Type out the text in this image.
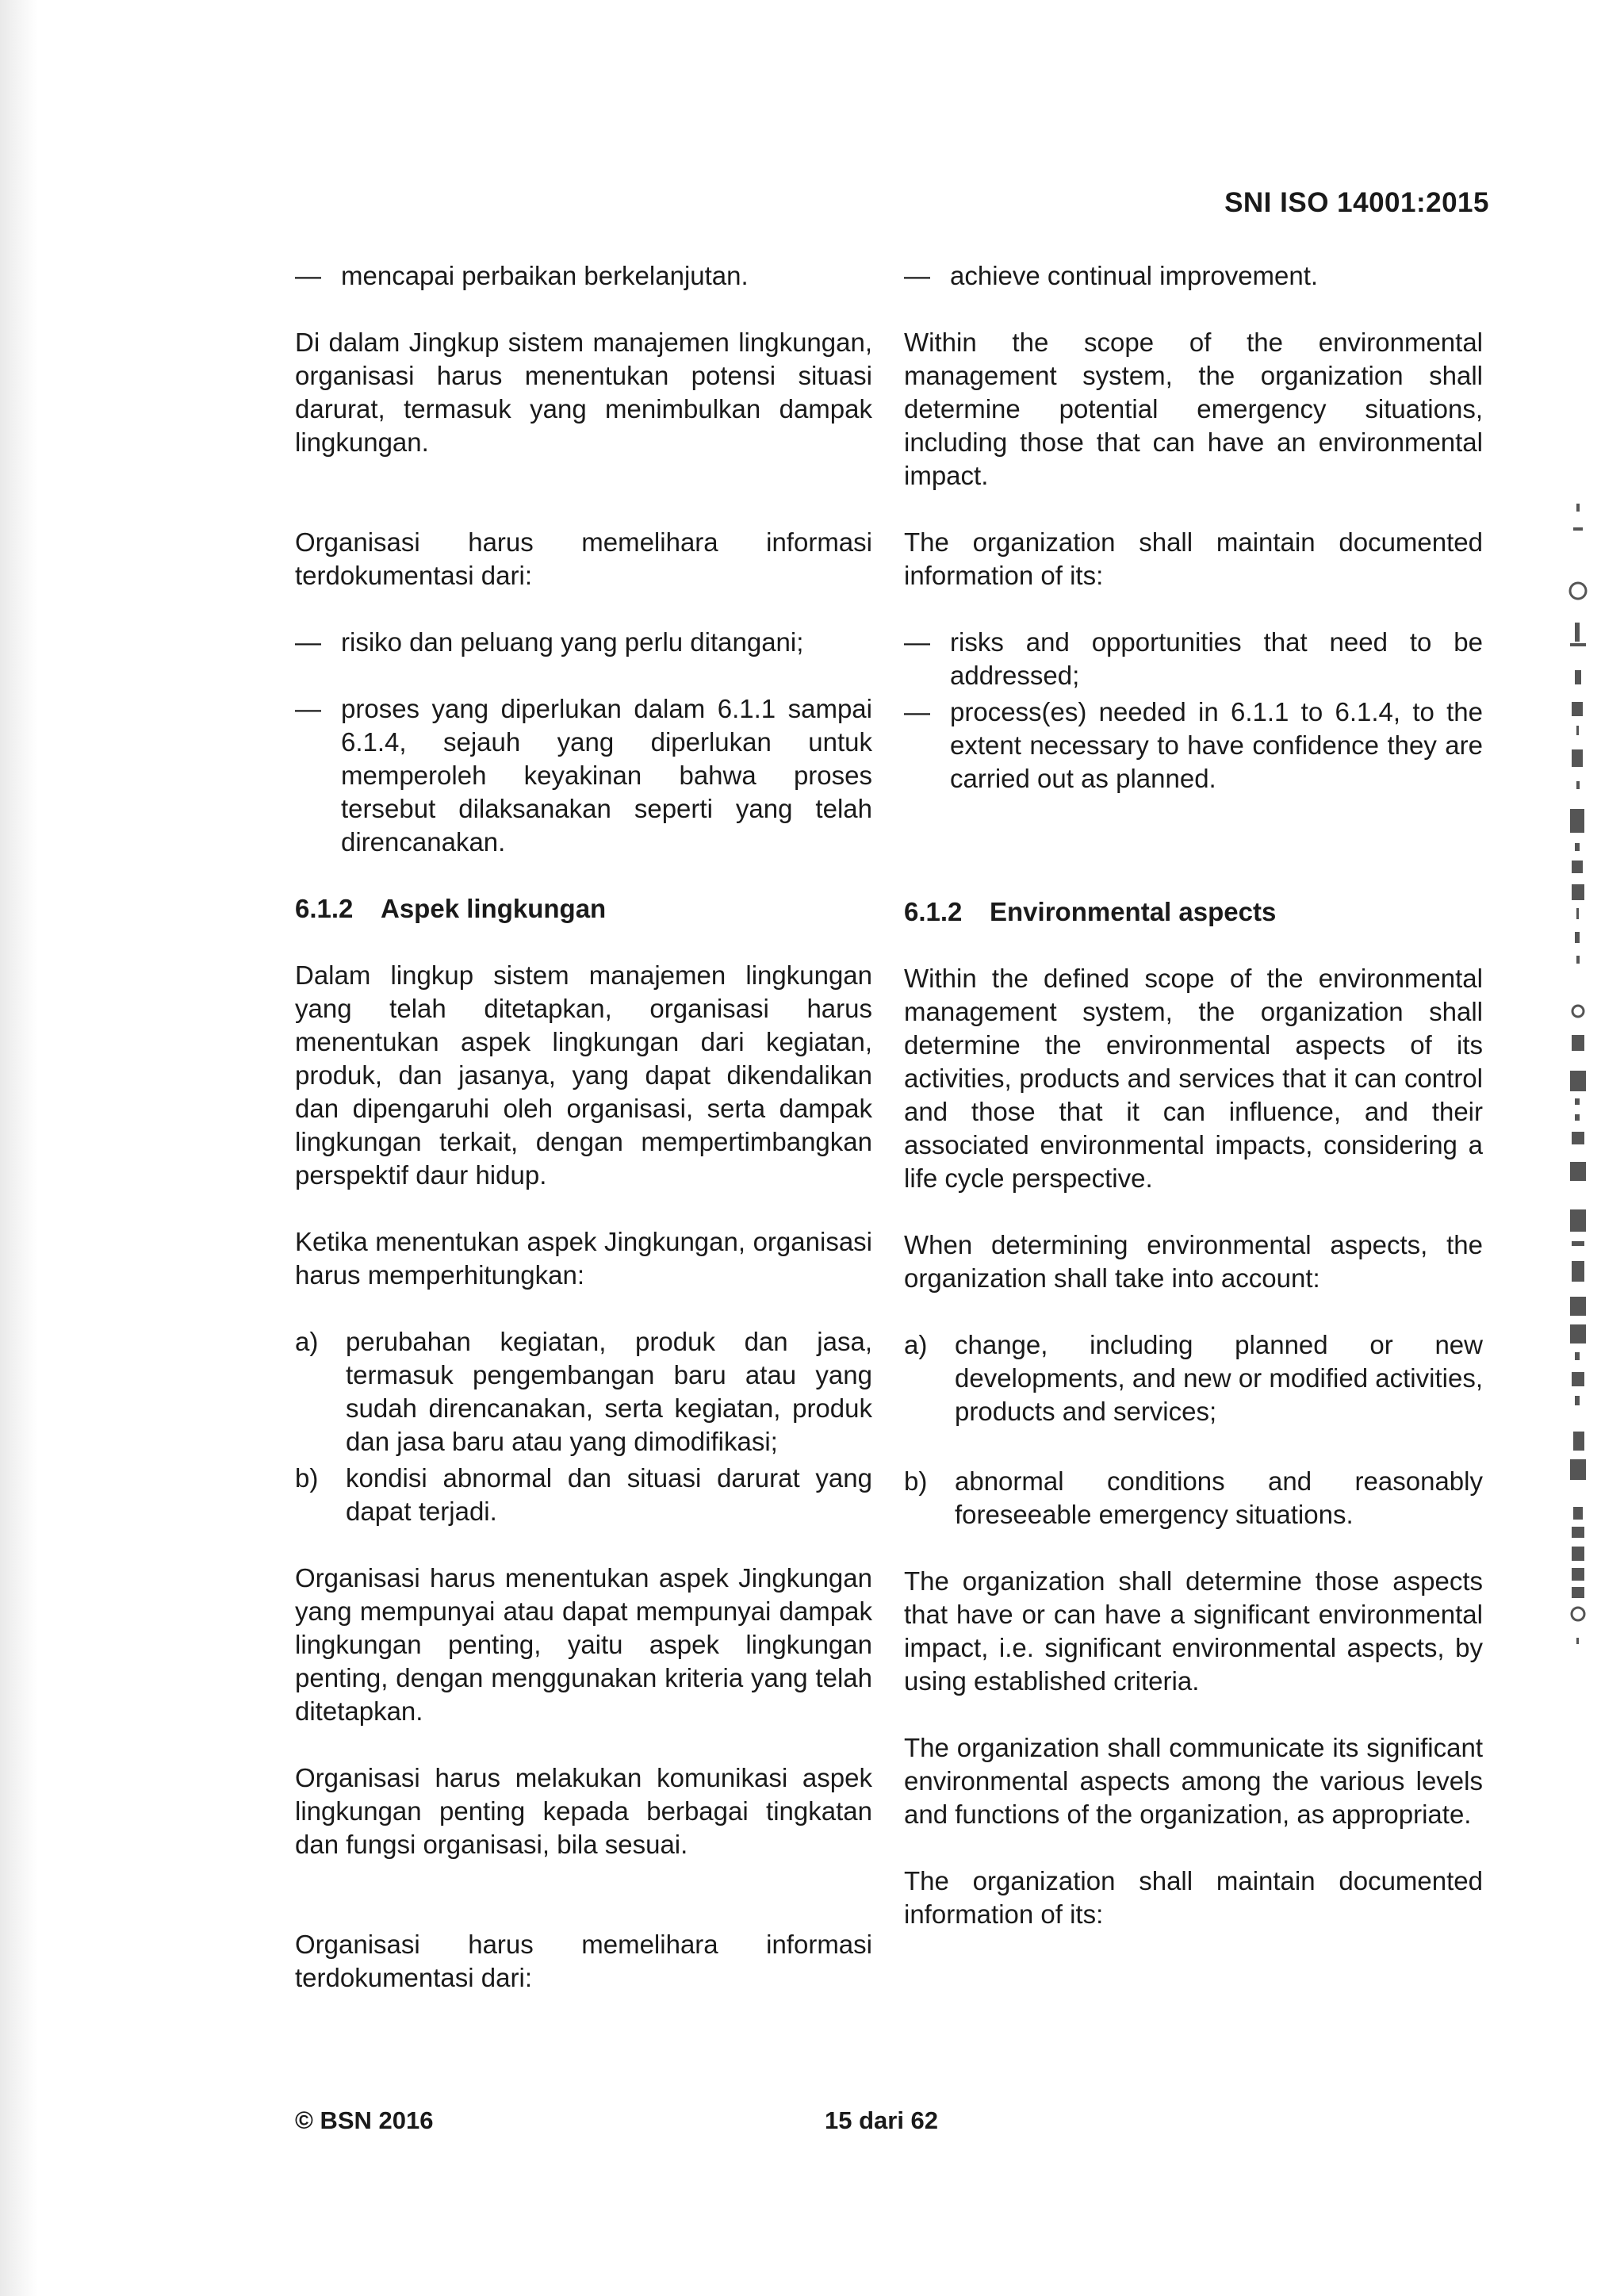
SNI ISO 14001:2015
— mencapai perbaikan berkelanjutan.
Di dalam Jingkup sistem manajemen lingkungan, organisasi harus menentukan potensi situasi darurat, termasuk yang menimbulkan dampak lingkungan.
Organisasi harus memelihara informasi terdokumentasi dari:
— risiko dan peluang yang perlu ditangani;
— proses yang diperlukan dalam 6.1.1 sampai 6.1.4, sejauh yang diperlukan untuk memperoleh keyakinan bahwa proses tersebut dilaksanakan seperti yang telah direncanakan.
6.1.2 Aspek lingkungan
Dalam lingkup sistem manajemen lingkungan yang telah ditetapkan, organisasi harus menentukan aspek lingkungan dari kegiatan, produk, dan jasanya, yang dapat dikendalikan dan dipengaruhi oleh organisasi, serta dampak lingkungan terkait, dengan mempertimbangkan perspektif daur hidup.
Ketika menentukan aspek Jingkungan, organisasi harus memperhitungkan:
a) perubahan kegiatan, produk dan jasa, termasuk pengembangan baru atau yang sudah direncanakan, serta kegiatan, produk dan jasa baru atau yang dimodifikasi;
b) kondisi abnormal dan situasi darurat yang dapat terjadi.
Organisasi harus menentukan aspek Jingkungan yang mempunyai atau dapat mempunyai dampak lingkungan penting, yaitu aspek lingkungan penting, dengan menggunakan kriteria yang telah ditetapkan.
Organisasi harus melakukan komunikasi aspek lingkungan penting kepada berbagai tingkatan dan fungsi organisasi, bila sesuai.
Organisasi harus memelihara informasi terdokumentasi dari:
— achieve continual improvement.
Within the scope of the environmental management system, the organization shall determine potential emergency situations, including those that can have an environmental impact.
The organization shall maintain documented information of its:
— risks and opportunities that need to be addressed;
— process(es) needed in 6.1.1 to 6.1.4, to the extent necessary to have confidence they are carried out as planned.
6.1.2 Environmental aspects
Within the defined scope of the environmental management system, the organization shall determine the environmental aspects of its activities, products and services that it can control and those that it can influence, and their associated environmental impacts, considering a life cycle perspective.
When determining environmental aspects, the organization shall take into account:
a) change, including planned or new developments, and new or modified activities, products and services;
b) abnormal conditions and reasonably foreseeable emergency situations.
The organization shall determine those aspects that have or can have a significant environmental impact, i.e. significant environmental aspects, by using established criteria.
The organization shall communicate its significant environmental aspects among the various levels and functions of the organization, as appropriate.
The organization shall maintain documented information of its:
© BSN 2016	15 dari 62
